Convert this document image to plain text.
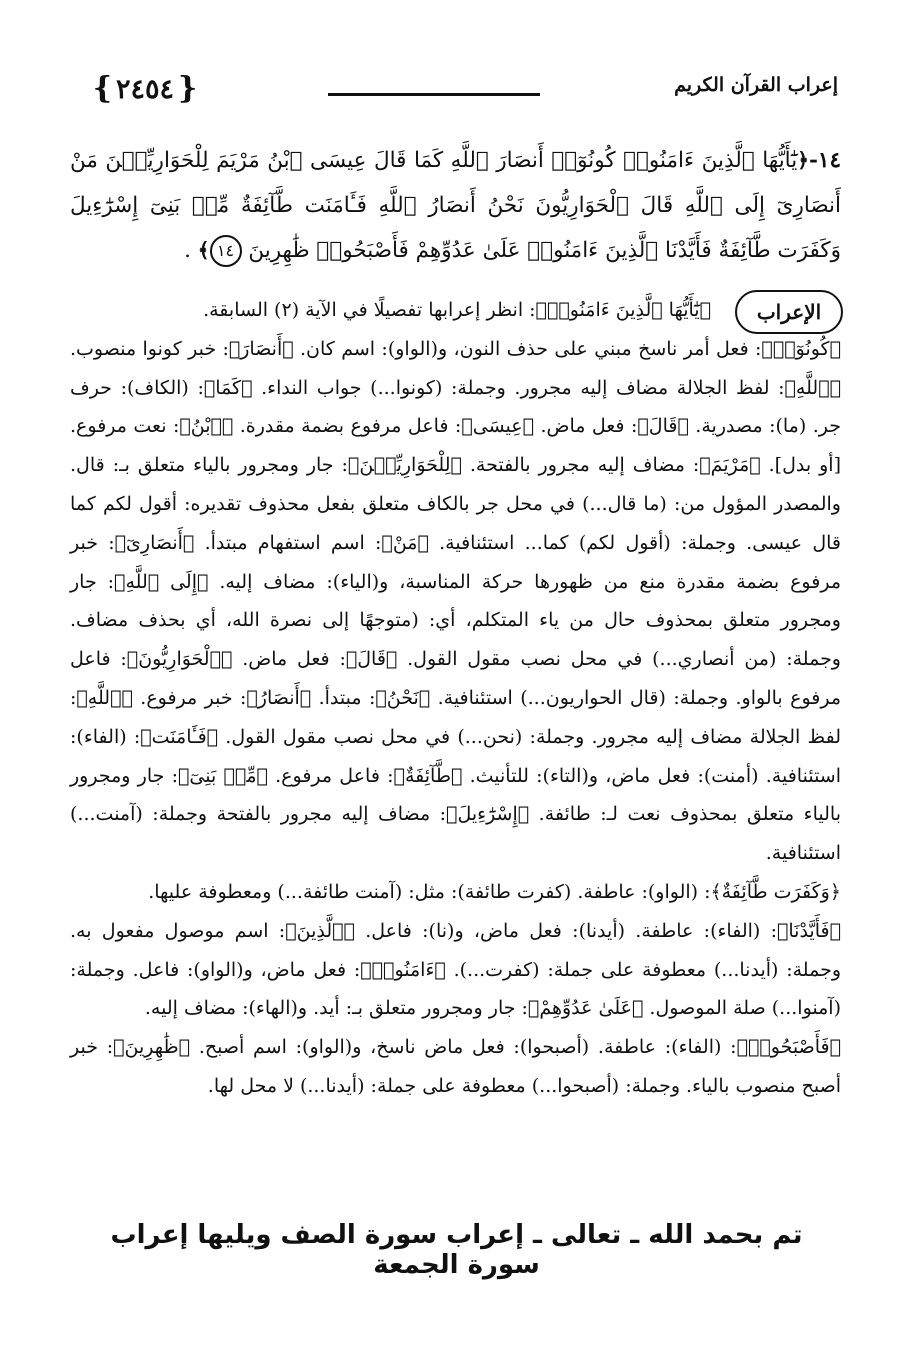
{ ٢٤٥٤ }	إعراب القرآن الكريم
١٤-﴿يَٰٓأَيُّهَا ٱلَّذِينَ ءَامَنُوا۟ كُونُوٓا۟ أَنصَارَ ٱللَّهِ كَمَا قَالَ عِيسَى ٱبْنُ مَرْيَمَ لِلْحَوَارِيِّـۧنَ مَنْ أَنصَارِىٓ إِلَى ٱللَّهِ قَالَ ٱلْحَوَارِيُّونَ نَحْنُ أَنصَارُ ٱللَّهِ فَـَٔامَنَت طَّآئِفَةٌ مِّنۢ بَنِىٓ إِسْرَٰٓءِيلَ وَكَفَرَت طَّآئِفَةٌ فَأَيَّدْنَا ٱلَّذِينَ ءَامَنُوا۟ عَلَىٰ عَدُوِّهِمْ فَأَصْبَحُوا۟ ظَٰهِرِينَ ١٤﴾ .
الإعراب

﴿يَٰٓأَيُّهَا ٱلَّذِينَ ءَامَنُوا۟﴾: انظر إعرابها تفصيلًا في الآية (٢) السابقة.

﴿كُونُوٓا۟﴾: فعل أمر ناسخ مبني على حذف النون، و(الواو): اسم كان. ﴿أَنصَارَ﴾: خبر كونوا منصوب. ﴿ٱللَّهِ﴾: لفظ الجلالة مضاف إليه مجرور. وجملة: (كونوا...) جواب النداء. ﴿كَمَا﴾: (الكاف): حرف جر. (ما): مصدرية. ﴿قَالَ﴾: فعل ماض. ﴿عِيسَى﴾: فاعل مرفوع بضمة مقدرة. ﴿ٱبْنُ﴾: نعت مرفوع. [أو بدل]. ﴿مَرْيَمَ﴾: مضاف إليه مجرور بالفتحة. ﴿لِلْحَوَارِيِّـۧنَ﴾: جار ومجرور بالياء متعلق بـ: قال. والمصدر المؤول من: (ما قال...) في محل جر بالكاف متعلق بفعل محذوف تقديره: أقول لكم كما قال عيسى. وجملة: (أقول لكم) كما... استئنافية. ﴿مَنْ﴾: اسم استفهام مبتدأ. ﴿أَنصَارِىٓ﴾: خبر مرفوع بضمة مقدرة منع من ظهورها حركة المناسبة، و(الياء): مضاف إليه. ﴿إِلَى ٱللَّهِ﴾: جار ومجرور متعلق بمحذوف حال من ياء المتكلم، أي: (متوجهًا إلى نصرة الله، أي بحذف مضاف. وجملة: (من أنصاري...) في محل نصب مقول القول. ﴿قَالَ﴾: فعل ماض. ﴿ٱلْحَوَارِيُّونَ﴾: فاعل مرفوع بالواو. وجملة: (قال الحواريون...) استئنافية. ﴿نَحْنُ﴾: مبتدأ. ﴿أَنصَارُ﴾: خبر مرفوع. ﴿ٱللَّهِ﴾: لفظ الجلالة مضاف إليه مجرور. وجملة: (نحن...) في محل نصب مقول القول. ﴿فَـَٔامَنَت﴾: (الفاء): استئنافية. (أمنت): فعل ماض، و(التاء): للتأنيث. ﴿طَّآئِفَةٌ﴾: فاعل مرفوع. ﴿مِّنۢ بَنِىٓ﴾: جار ومجرور بالياء متعلق بمحذوف نعت لـ: طائفة. ﴿إِسْرَٰٓءِيلَ﴾: مضاف إليه مجرور بالفتحة وجملة: (آمنت...) استئنافية.

﴿وَكَفَرَت طَّآئِفَةٌ﴾: (الواو): عاطفة. (كفرت طائفة): مثل: (آمنت طائفة...) ومعطوفة عليها.

﴿فَأَيَّدْنَا﴾: (الفاء): عاطفة. (أيدنا): فعل ماض، و(نا): فاعل. ﴿ٱلَّذِينَ﴾: اسم موصول مفعول به. وجملة: (أيدنا...) معطوفة على جملة: (كفرت...). ﴿ءَامَنُوا۟﴾: فعل ماض، و(الواو): فاعل. وجملة: (آمنوا...) صلة الموصول. ﴿عَلَىٰ عَدُوِّهِمْ﴾: جار ومجرور متعلق بـ: أيد. و(الهاء): مضاف إليه.

﴿فَأَصْبَحُوا۟﴾: (الفاء): عاطفة. (أصبحوا): فعل ماض ناسخ، و(الواو): اسم أصبح. ﴿ظَٰهِرِينَ﴾: خبر أصبح منصوب بالياء. وجملة: (أصبحوا...) معطوفة على جملة: (أيدنا...) لا محل لها.

تم بحمد الله ـ تعالى ـ إعراب سورة الصف ويليها إعراب سورة الجمعة
